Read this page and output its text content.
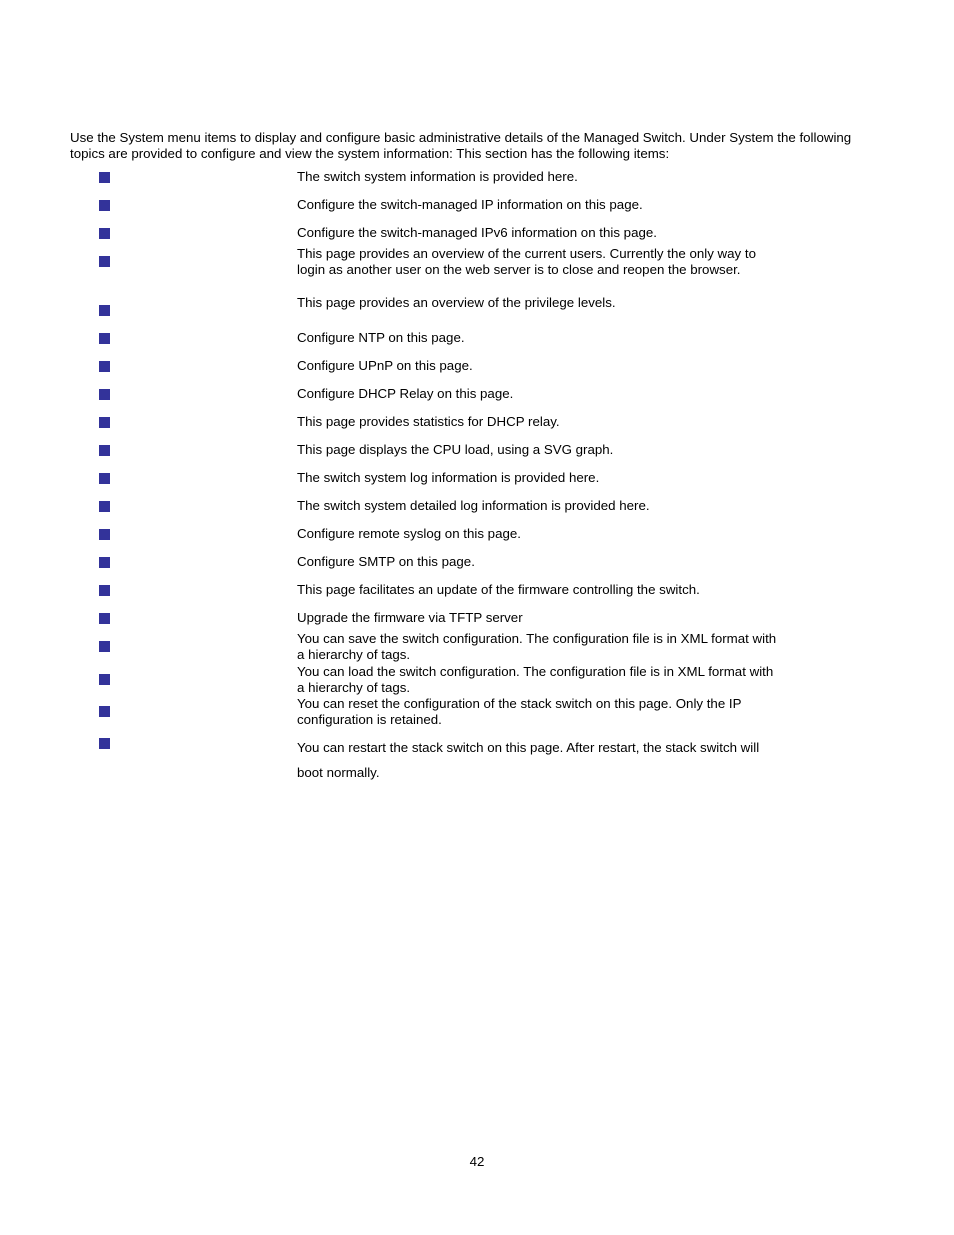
Use the System menu items to display and configure basic administrative details of the Managed Switch. Under System the following topics are provided to configure and view the system information: This section has the following items:

The switch system information is provided here.

Configure the switch-managed IP information on this page.

Configure the switch-managed IPv6 information on this page.

This page provides an overview of the current users. Currently the only way to login as another user on the web server is to close and reopen the browser.

This page provides an overview of the privilege levels.

Configure NTP on this page.

Configure UPnP on this page.

Configure DHCP Relay on this page.

This page provides statistics for DHCP relay.

This page displays the CPU load, using a SVG graph.

The switch system log information is provided here.

The switch system detailed log information is provided here.

Configure remote syslog on this page.

Configure SMTP on this page.

This page facilitates an update of the firmware controlling the switch.

Upgrade the firmware via TFTP server

You can save the switch configuration. The configuration file is in XML format with a hierarchy of tags.

You can load the switch configuration. The configuration file is in XML format with a hierarchy of tags.

You can reset the configuration of the stack switch on this page. Only the IP configuration is retained.

You can restart the stack switch on this page. After restart, the stack switch will boot normally.

42
